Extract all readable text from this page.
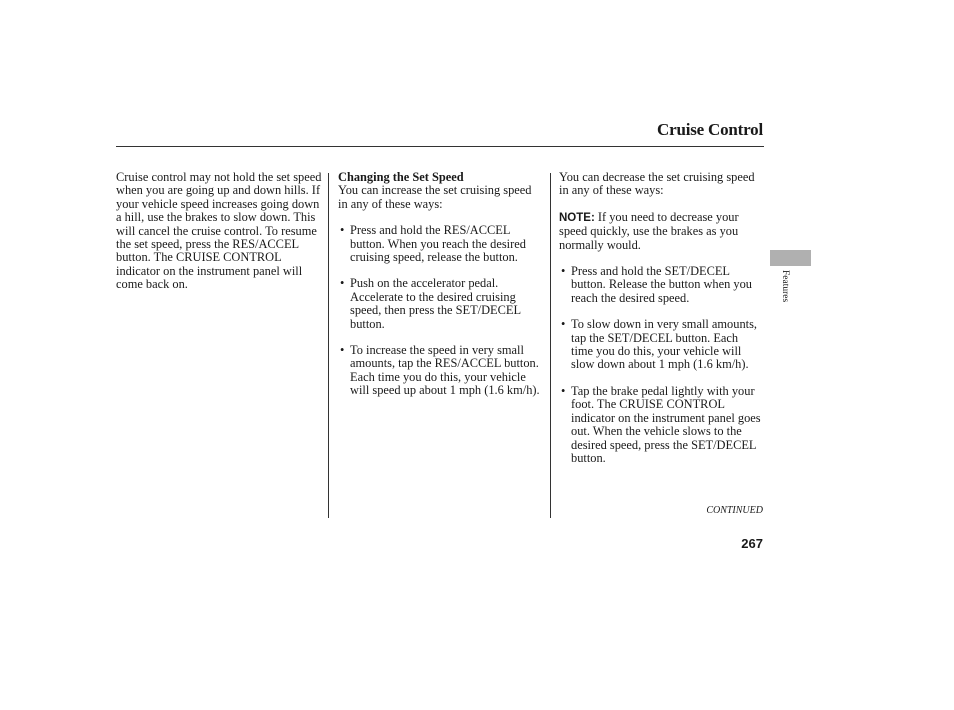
Cruise Control

Cruise control may not hold the set speed when you are going up and down hills. If your vehicle speed increases going down a hill, use the brakes to slow down. This will cancel the cruise control. To resume the set speed, press the RES/ACCEL button. The CRUISE CONTROL indicator on the instrument panel will come back on.

Changing the Set Speed

You can increase the set cruising speed in any of these ways:

• Press and hold the RES/ACCEL button. When you reach the desired cruising speed, release the button.
• Push on the accelerator pedal. Accelerate to the desired cruising speed, then press the SET/DECEL button.
• To increase the speed in very small amounts, tap the RES/ACCEL button. Each time you do this, your vehicle will speed up about 1 mph (1.6 km/h).

You can decrease the set cruising speed in any of these ways:

NOTE: If you need to decrease your speed quickly, use the brakes as you normally would.

• Press and hold the SET/DECEL button. Release the button when you reach the desired speed.
• To slow down in very small amounts, tap the SET/DECEL button. Each time you do this, your vehicle will slow down about 1 mph (1.6 km/h).
• Tap the brake pedal lightly with your foot. The CRUISE CONTROL indicator on the instrument panel goes out. When the vehicle slows to the desired speed, press the SET/DECEL button.
Features
CONTINUED
267
